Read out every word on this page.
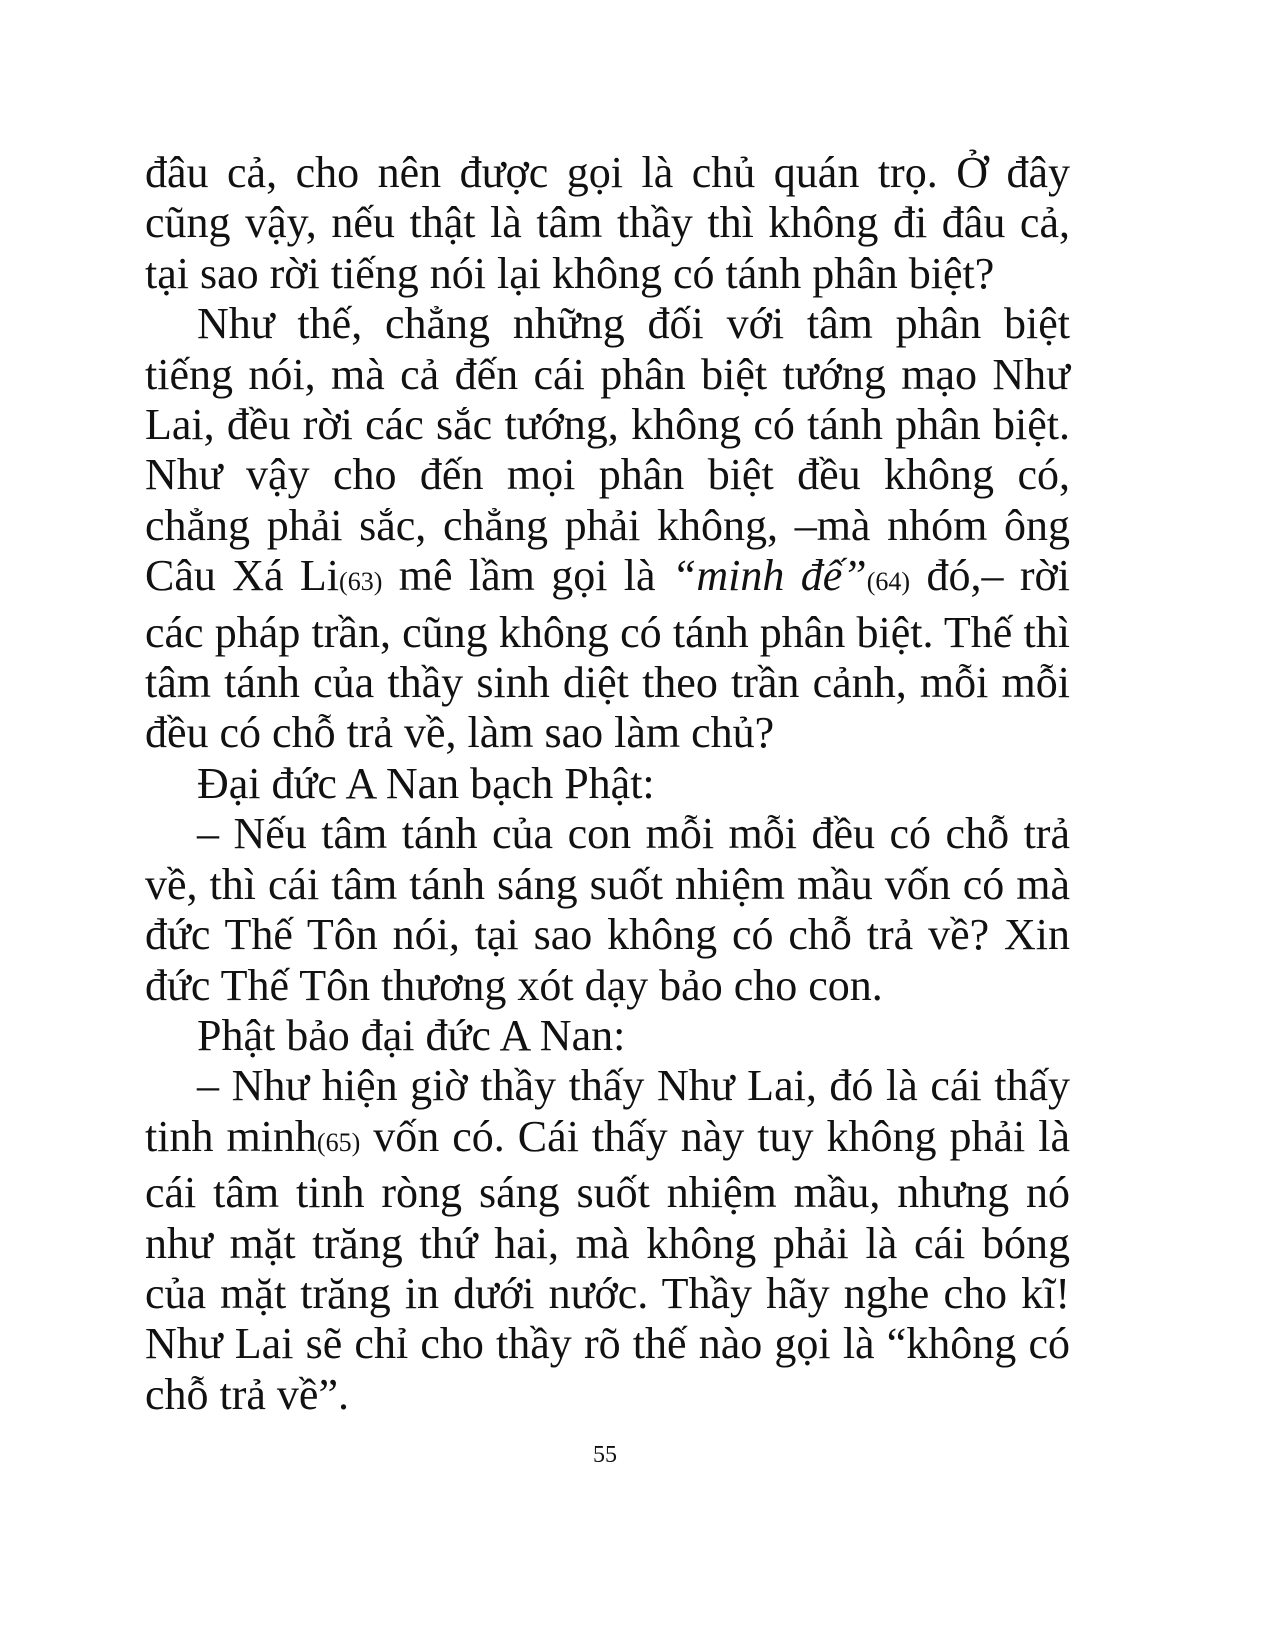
đâu cả, cho nên được gọi là chủ quán trọ. Ở đây cũng vậy, nếu thật là tâm thầy thì không đi đâu cả, tại sao rời tiếng nói lại không có tánh phân biệt?

Như thế, chẳng những đối với tâm phân biệt tiếng nói, mà cả đến cái phân biệt tướng mạo Như Lai, đều rời các sắc tướng, không có tánh phân biệt. Như vậy cho đến mọi phân biệt đều không có, chẳng phải sắc, chẳng phải không, –mà nhóm ông Câu Xá Li(63) mê lầm gọi là “minh đế”(64) đó,– rời các pháp trần, cũng không có tánh phân biệt. Thế thì tâm tánh của thầy sinh diệt theo trần cảnh, mỗi mỗi đều có chỗ trả về, làm sao làm chủ?

Đại đức A Nan bạch Phật:

– Nếu tâm tánh của con mỗi mỗi đều có chỗ trả về, thì cái tâm tánh sáng suốt nhiệm mầu vốn có mà đức Thế Tôn nói, tại sao không có chỗ trả về? Xin đức Thế Tôn thương xót dạy bảo cho con.

Phật bảo đại đức A Nan:

– Như hiện giờ thầy thấy Như Lai, đó là cái thấy tinh minh(65) vốn có. Cái thấy này tuy không phải là cái tâm tinh ròng sáng suốt nhiệm mầu, nhưng nó như mặt trăng thứ hai, mà không phải là cái bóng của mặt trăng in dưới nước. Thầy hãy nghe cho kĩ! Như Lai sẽ chỉ cho thầy rõ thế nào gọi là “không có chỗ trả về”.

55
